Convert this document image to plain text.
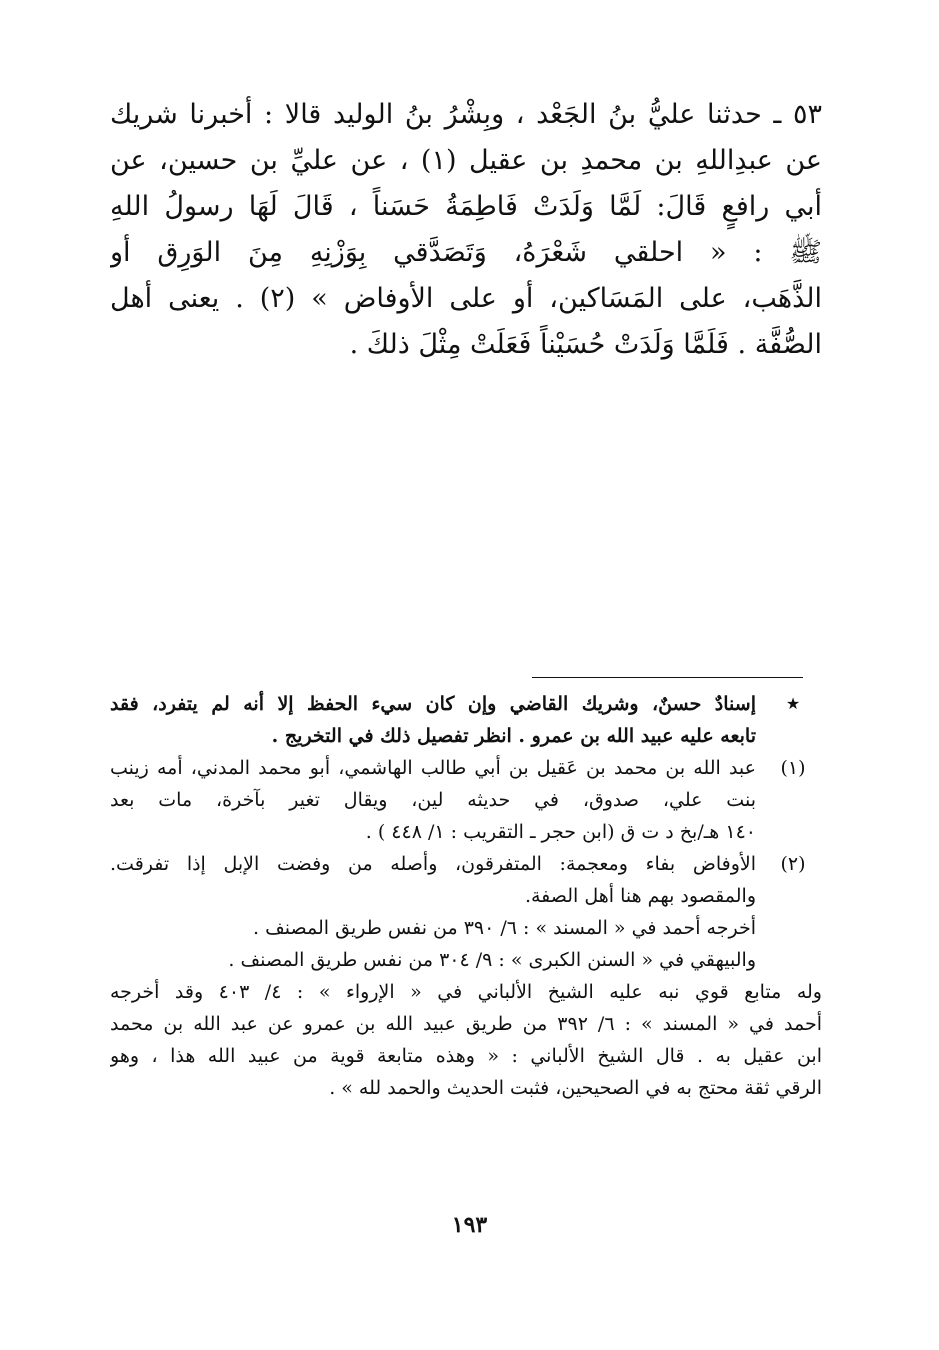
٥٣ ـ حدثنا عليُّ بنُ الجَعْد ، وبِشْرُ بنُ الوليد قالا : أخبرنا شريك
عن عبدِاللهِ بن محمدِ بن عقيل (١) ، عن عليِّ بن حسين، عن
أبي رافعٍ قَالَ: لَمَّا وَلَدَتْ فَاطِمَةُ حَسَناً ، قَالَ لَهَا رسولُ اللهِ
ﷺ : « احلقي شَعْرَهُ، وَتَصَدَّقي بِوَزْنِهِ مِنَ الوَرِق أو
الذَّهَب، على المَسَاكين، أو على الأوفاض » (٢) . يعنى أهل
الصُّفَّة . فَلَمَّا وَلَدَتْ حُسَيْناً فَعَلَتْ مِثْلَ ذلكَ .
★
إسنادٌ حسنٌ، وشريك القاضي وإن كان سيء الحفظ إلا أنه لم يتفرد، فقد
تابعه عليه عبيد الله بن عمرو . انظر تفصيل ذلك في التخريج .
(١)
عبد الله بن محمد بن عَقيل بن أبي طالب الهاشمي، أبو محمد المدني، أمه زينب
بنت علي، صدوق، في حديثه لين، ويقال تغير بآخرة، مات بعد
١٤٠ هـ/بخ د ت ق (ابن حجر ـ التقريب : ١/ ٤٤٨ ) .
(٢)
الأوفاض بفاء ومعجمة: المتفرقون، وأصله من وفضت الإبل إذا تفرقت.
والمقصود بهم هنا أهل الصفة.
أخرجه أحمد في « المسند » : ٦/ ٣٩٠ من نفس طريق المصنف .
والبيهقي في « السنن الكبرى » : ٩/ ٣٠٤ من نفس طريق المصنف .
وله متابع قوي نبه عليه الشيخ الألباني في « الإرواء » : ٤/ ٤٠٣ وقد أخرجه
أحمد في « المسند » : ٦/ ٣٩٢ من طريق عبيد الله بن عمرو عن عبد الله بن محمد
ابن عقيل به . قال الشيخ الألباني : « وهذه متابعة قوية من عبيد الله هذا ، وهو
الرقي ثقة محتج به في الصحيحين، فثبت الحديث والحمد لله » .
١٩٣
